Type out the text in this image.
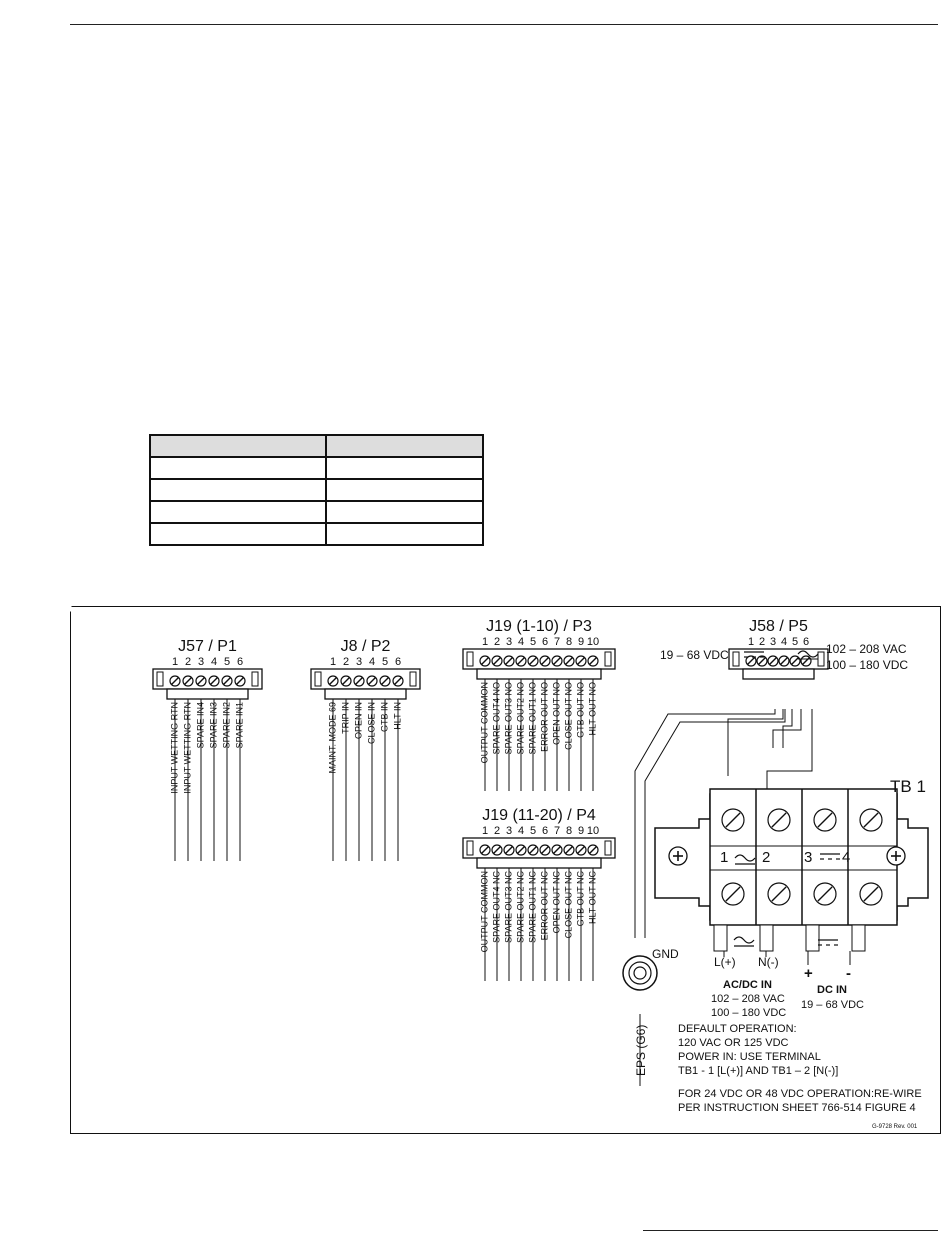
J57 / P1
1 2 3 4 5 6
INPUT WETTING RTN INPUT WETTING RTN SPARE IN4 SPARE IN3 SPARE IN2 SPARE IN1
J8 / P2
1 2 3 4 5 6
MAINT. MODE 69 TRIP IN OPEN IN CLOSE IN GTB IN HLT IN
J19 (1-10) / P3
1 2 3 4 5 6 7 8 9 10
OUTPUT COMMON SPARE OUT4 NO SPARE OUT3 NO SPARE OUT2 NO SPARE OUT1 NO ERROR OUT NO OPEN OUT NO CLOSE OUT NO GTB OUT NO HLT OUT NO
J19 (11-20) / P4
1 2 3 4 5 6 7 8 9 10
OUTPUT COMMON SPARE OUT4 NC SPARE OUT3 NC SPARE OUT2 NC SPARE OUT1 NC ERROR OUT NC OPEN OUT NC CLOSE OUT NC GTB OUT NC HLT OUT NC
J58 / P5
1 2 3 4 5 6
19 – 68 VDC	102 – 208 VAC
100 – 180 VDC
TB 1
1 2 3 4
L(+) N(-)
+ -
AC/DC IN
102 – 208 VAC
100 – 180 VDC
DC IN
19 – 68 VDC
GND
EPS (G6)	DEFAULT OPERATION:
120 VAC OR 125 VDC
POWER IN: USE TERMINAL
TB1 - 1 [L(+)] AND TB1 – 2 [N(-)]
FOR 24 VDC OR 48 VDC OPERATION:RE-WIRE
PER INSTRUCTION SHEET 766-514 FIGURE 4
G-9728 Rev. 001
